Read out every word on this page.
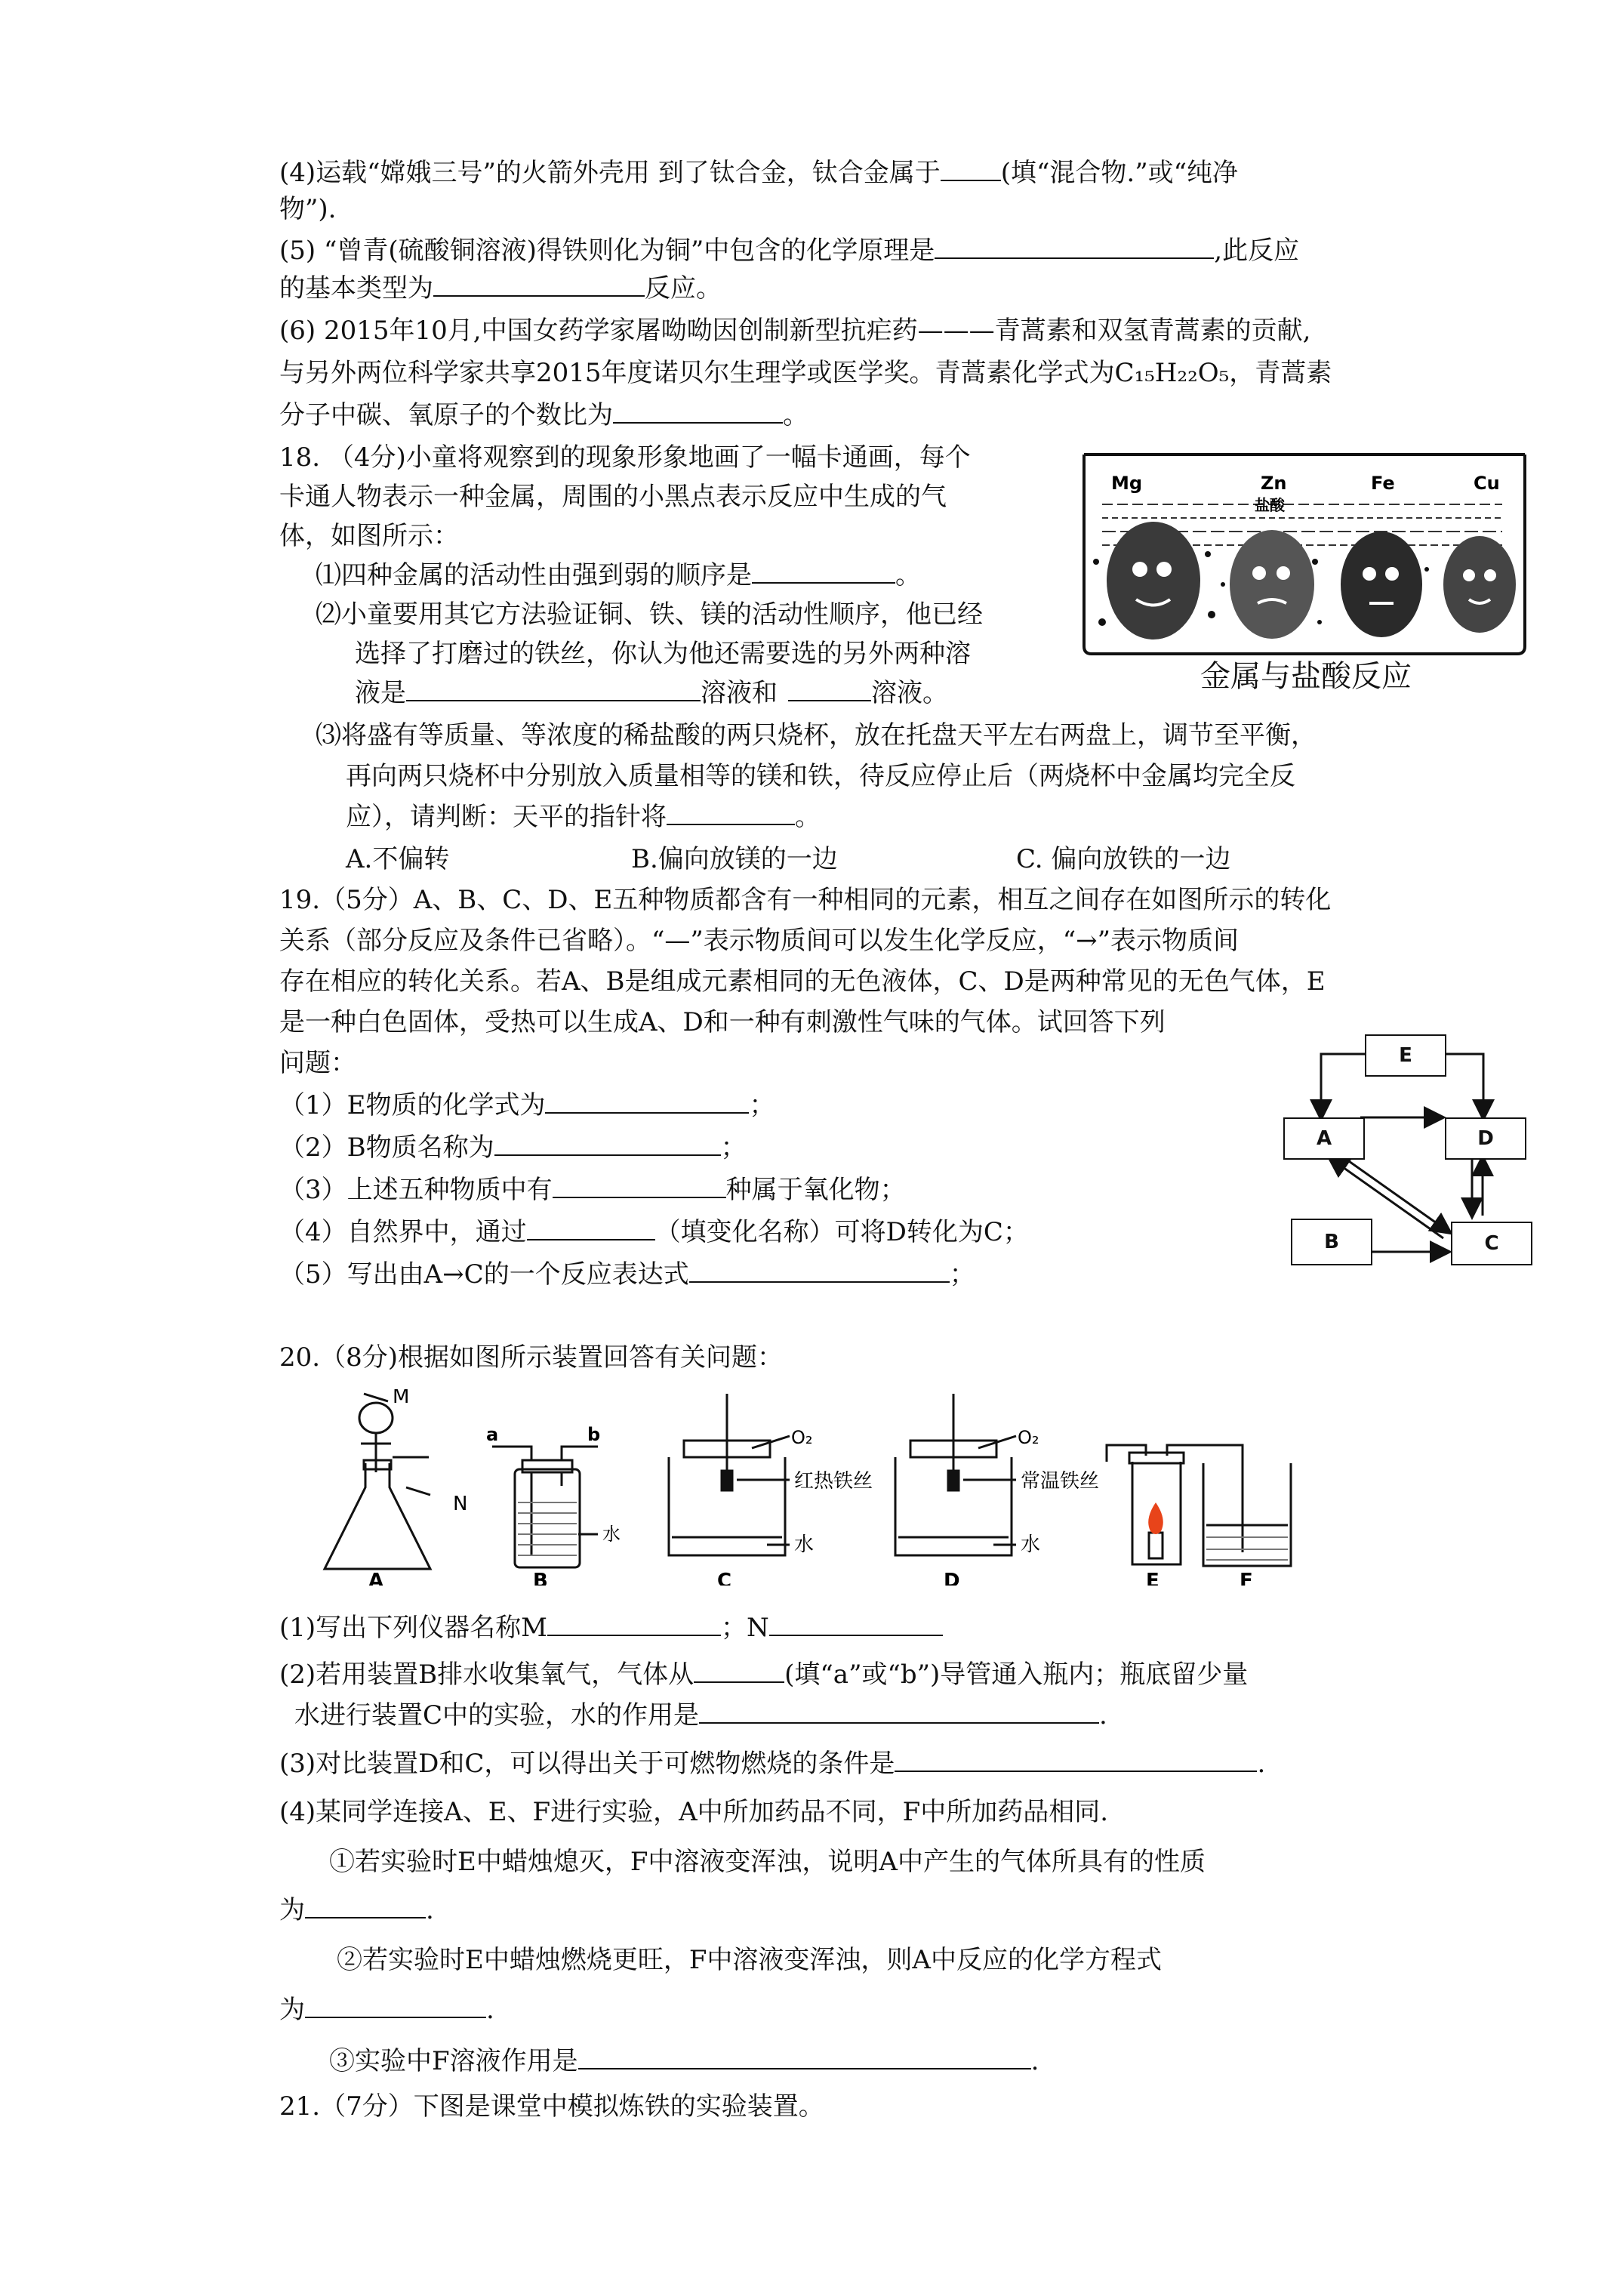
(4)运载“嫦娥三号”的火箭外壳用 到了钛合金，钛合金属于 (填“混合物.”或“纯净
物”).
(5) “曾青(硫酸铜溶液)得铁则化为铜”中包含的化学原理是	,此反应
的基本类型为	反应。
(6) 2015年10月,中国女药学家屠呦呦因创制新型抗疟药———青蒿素和双氢青蒿素的贡献,
与另外两位科学家共享2015年度诺贝尔生理学或医学奖。青蒿素化学式为C₁₅H₂₂O₅，青蒿素
分子中碳、氧原子的个数比为	。
18. （4分)小童将观察到的现象形象地画了一幅卡通画，每个
卡通人物表示一种金属，周围的小黑点表示反应中生成的气
体，如图所示：
⑴四种金属的活动性由强到弱的顺序是	。
⑵小童要用其它方法验证铜、铁、镁的活动性顺序，他已经
选择了打磨过的铁丝，你认为他还需要选的另外两种溶
液是	溶液和	溶液。
⑶将盛有等质量、等浓度的稀盐酸的两只烧杯，放在托盘天平左右两盘上，调节至平衡，
再向两只烧杯中分别放入质量相等的镁和铁，待反应停止后（两烧杯中金属均完全反
应），请判断：天平的指针将	。
A.不偏转	B.偏向放镁的一边	C. 偏向放铁的一边
Mg	Zn	Fe	Cu
盐酸
金属与盐酸反应
19.（5分）A、B、C、D、E五种物质都含有一种相同的元素，相互之间存在如图所示的转化
关系（部分反应及条件已省略）。“—”表示物质间可以发生化学反应，“→”表示物质间
存在相应的转化关系。若A、B是组成元素相同的无色液体，C、D是两种常见的无色气体，E
是一种白色固体，受热可以生成A、D和一种有刺激性气味的气体。试回答下列
问题：
（1）E物质的化学式为	；
（2）B物质名称为	；
（3）上述五种物质中有	种属于氧化物；
（4）自然界中，通过	（填变化名称）可将D转化为C；
（5）写出由A→C的一个反应表达式	；
E
A	D
B	C
20.（8分)根据如图所示装置回答有关问题：
M
N
A
a	b
水
B
O₂
红热铁丝
水
C
O₂
常温铁丝
水
D	E	F
(1)写出下列仪器名称M	；N
(2)若用装置B排水收集氧气，气体从	(填“a”或“b”)导管通入瓶内；瓶底留少量
水进行装置C中的实验，水的作用是	.
(3)对比装置D和C，可以得出关于可燃物燃烧的条件是	.
(4)某同学连接A、E、F进行实验，A中所加药品不同，F中所加药品相同.
①若实验时E中蜡烛熄灭，F中溶液变浑浊，说明A中产生的气体所具有的性质
为	.
②若实验时E中蜡烛燃烧更旺，F中溶液变浑浊，则A中反应的化学方程式
为	.
③实验中F溶液作用是	.
21.（7分）下图是课堂中模拟炼铁的实验装置。
